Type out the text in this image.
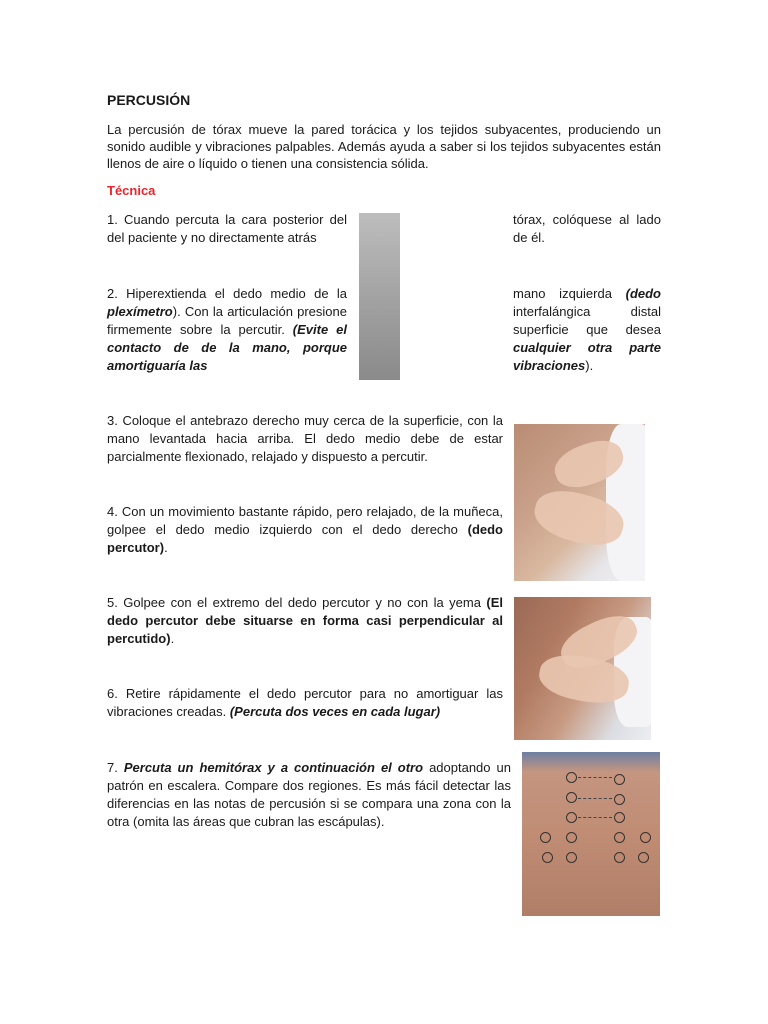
PERCUSIÓN
La percusión de tórax mueve la pared torácica y los tejidos subyacentes, produciendo un sonido audible y vibraciones palpables. Además ayuda a saber si los tejidos subyacentes están llenos de aire o líquido o tienen una consistencia sólida.
Técnica
1. Cuando percuta la cara posterior del del paciente y no directamente atrás
tórax, colóquese al lado de él.
2. Hiperextienda el dedo medio de la plexímetro). Con la articulación presione firmemente sobre la percutir. (Evite el contacto de de la mano, porque amortiguaría las
mano izquierda (dedo interfalángica distal superficie que desea cualquier otra parte vibraciones).
3. Coloque el antebrazo derecho muy cerca de la superficie, con la mano levantada hacia arriba. El dedo medio debe de estar parcialmente flexionado, relajado y dispuesto a percutir.
4. Con un movimiento bastante rápido, pero relajado, de la muñeca, golpee el dedo medio izquierdo con el dedo derecho (dedo percutor).
5. Golpee con el extremo del dedo percutor y no con la yema (El dedo percutor debe situarse en forma casi perpendicular al percutido).
6. Retire rápidamente el dedo percutor para no amortiguar las vibraciones creadas. (Percuta dos veces en cada lugar)
7. Percuta un hemitórax y a continuación el otro adoptando un patrón en escalera. Compare dos regiones. Es más fácil detectar las diferencias en las notas de percusión si se compara una zona con la otra (omita las áreas que cubran las escápulas).
